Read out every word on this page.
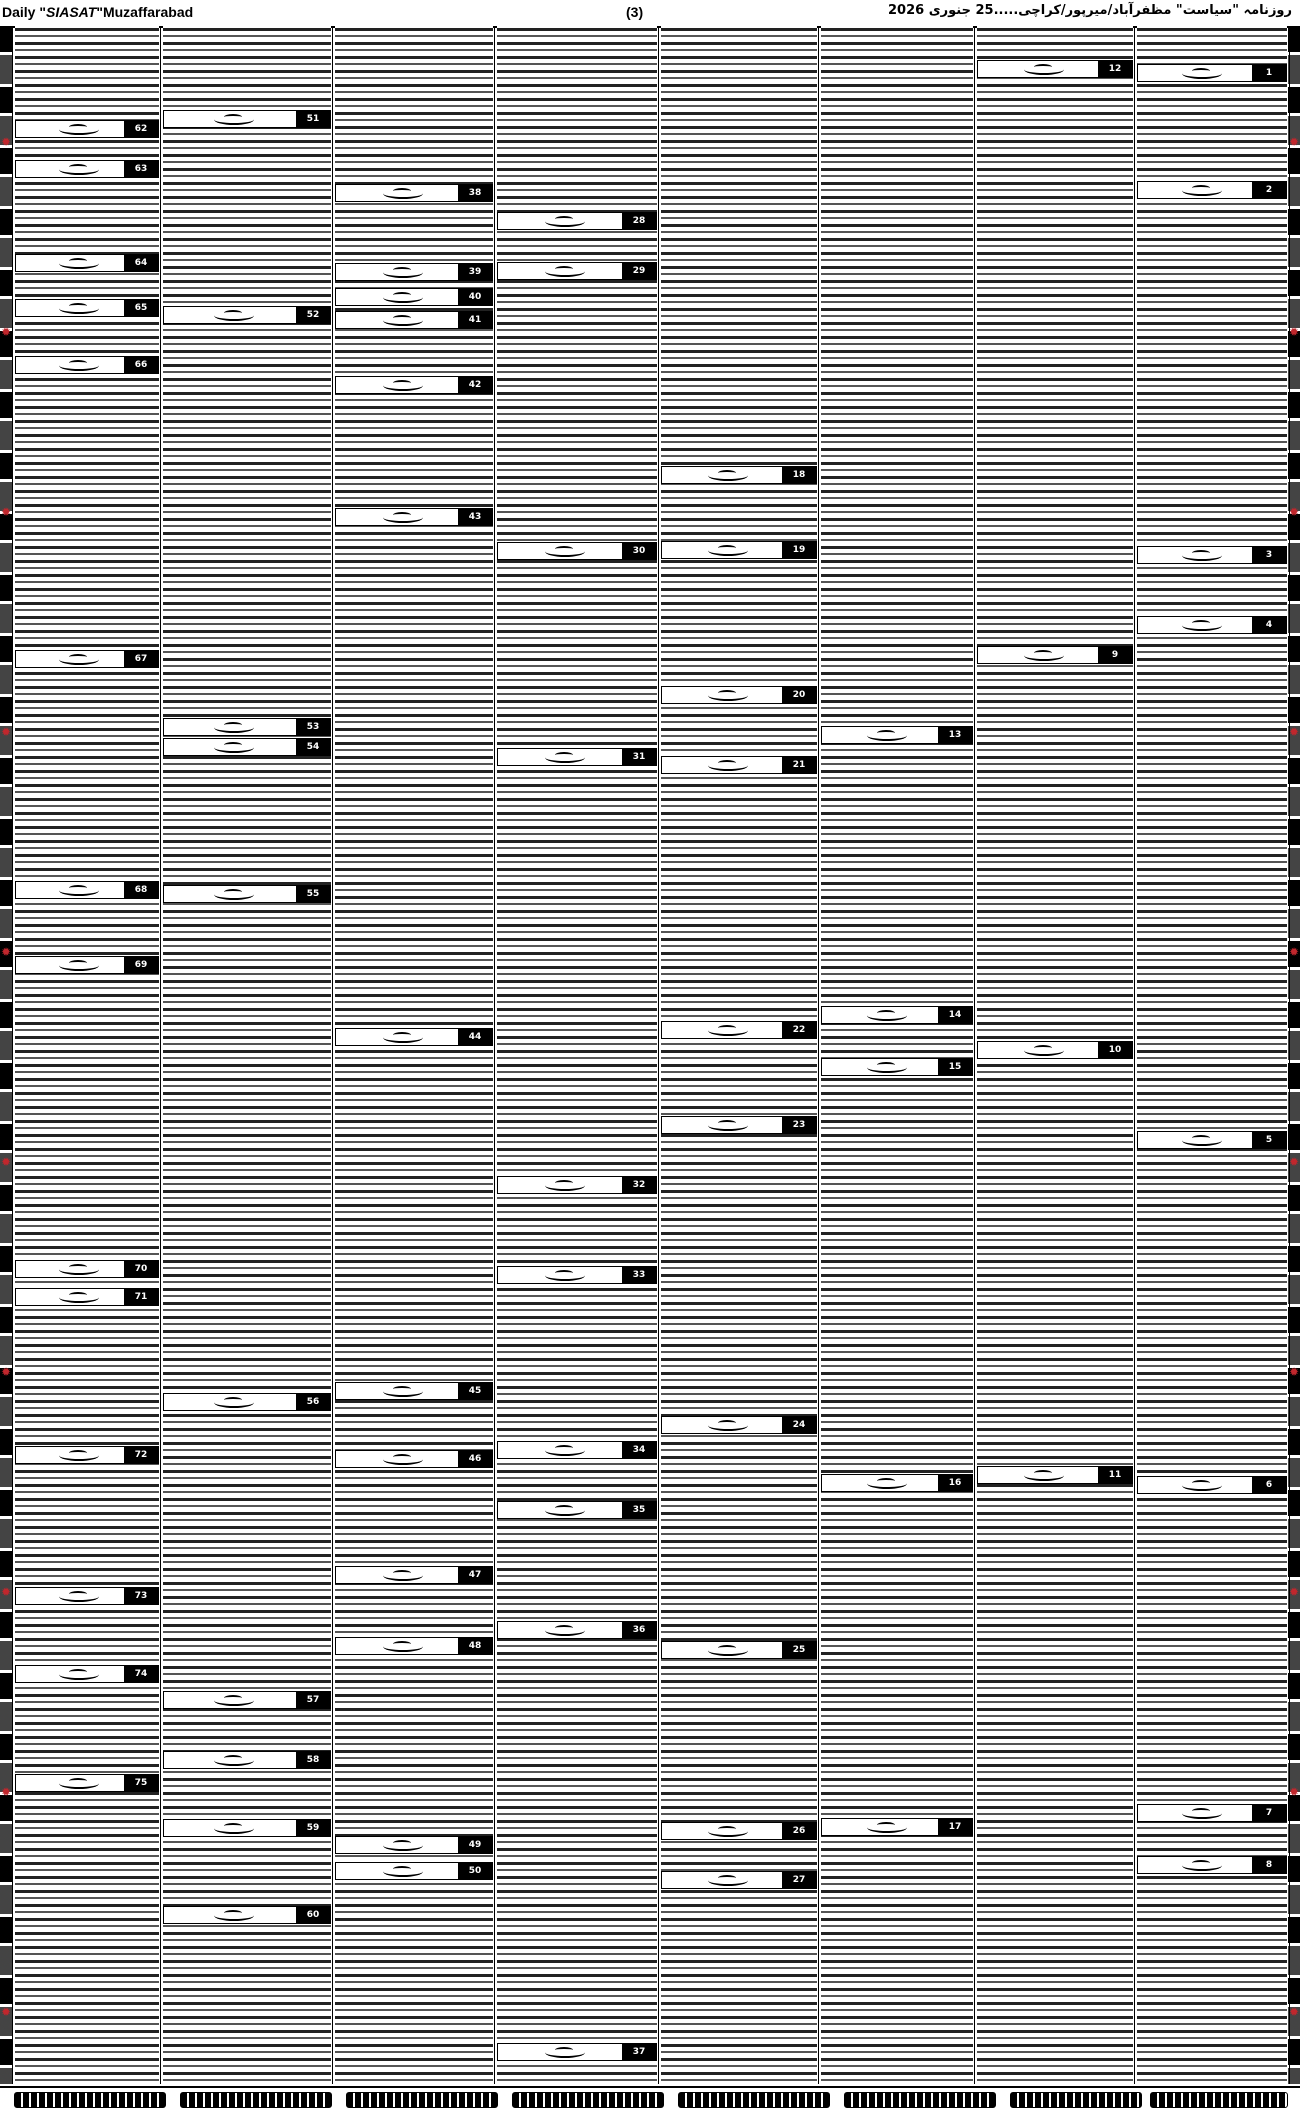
Daily "SIASAT"Muzaffarabad	(3)	روزنامہ "سیاست" مظفرآباد/میرپور/کراچی.....25 جنوری 2026
✹
✹
✹
✹
✹
✹
✹
✹
✹
✹
✹
✹
✹
✹
✹
✹
✹
✹
✹
✹
1
2
3
4
5
6
7
8
9
10
11
12
13
14
15
16
17
18
19
20
21
22
23
24
25
26
27
28
29
30
31
32
33
34
35
36
37
38
39
40
41
42
43
44
45
46
47
48
49
50
51
52
53
54
55
56
57
58
59
60
62
63
64
65
66
67
68
69
70
71
72
73
74
75
